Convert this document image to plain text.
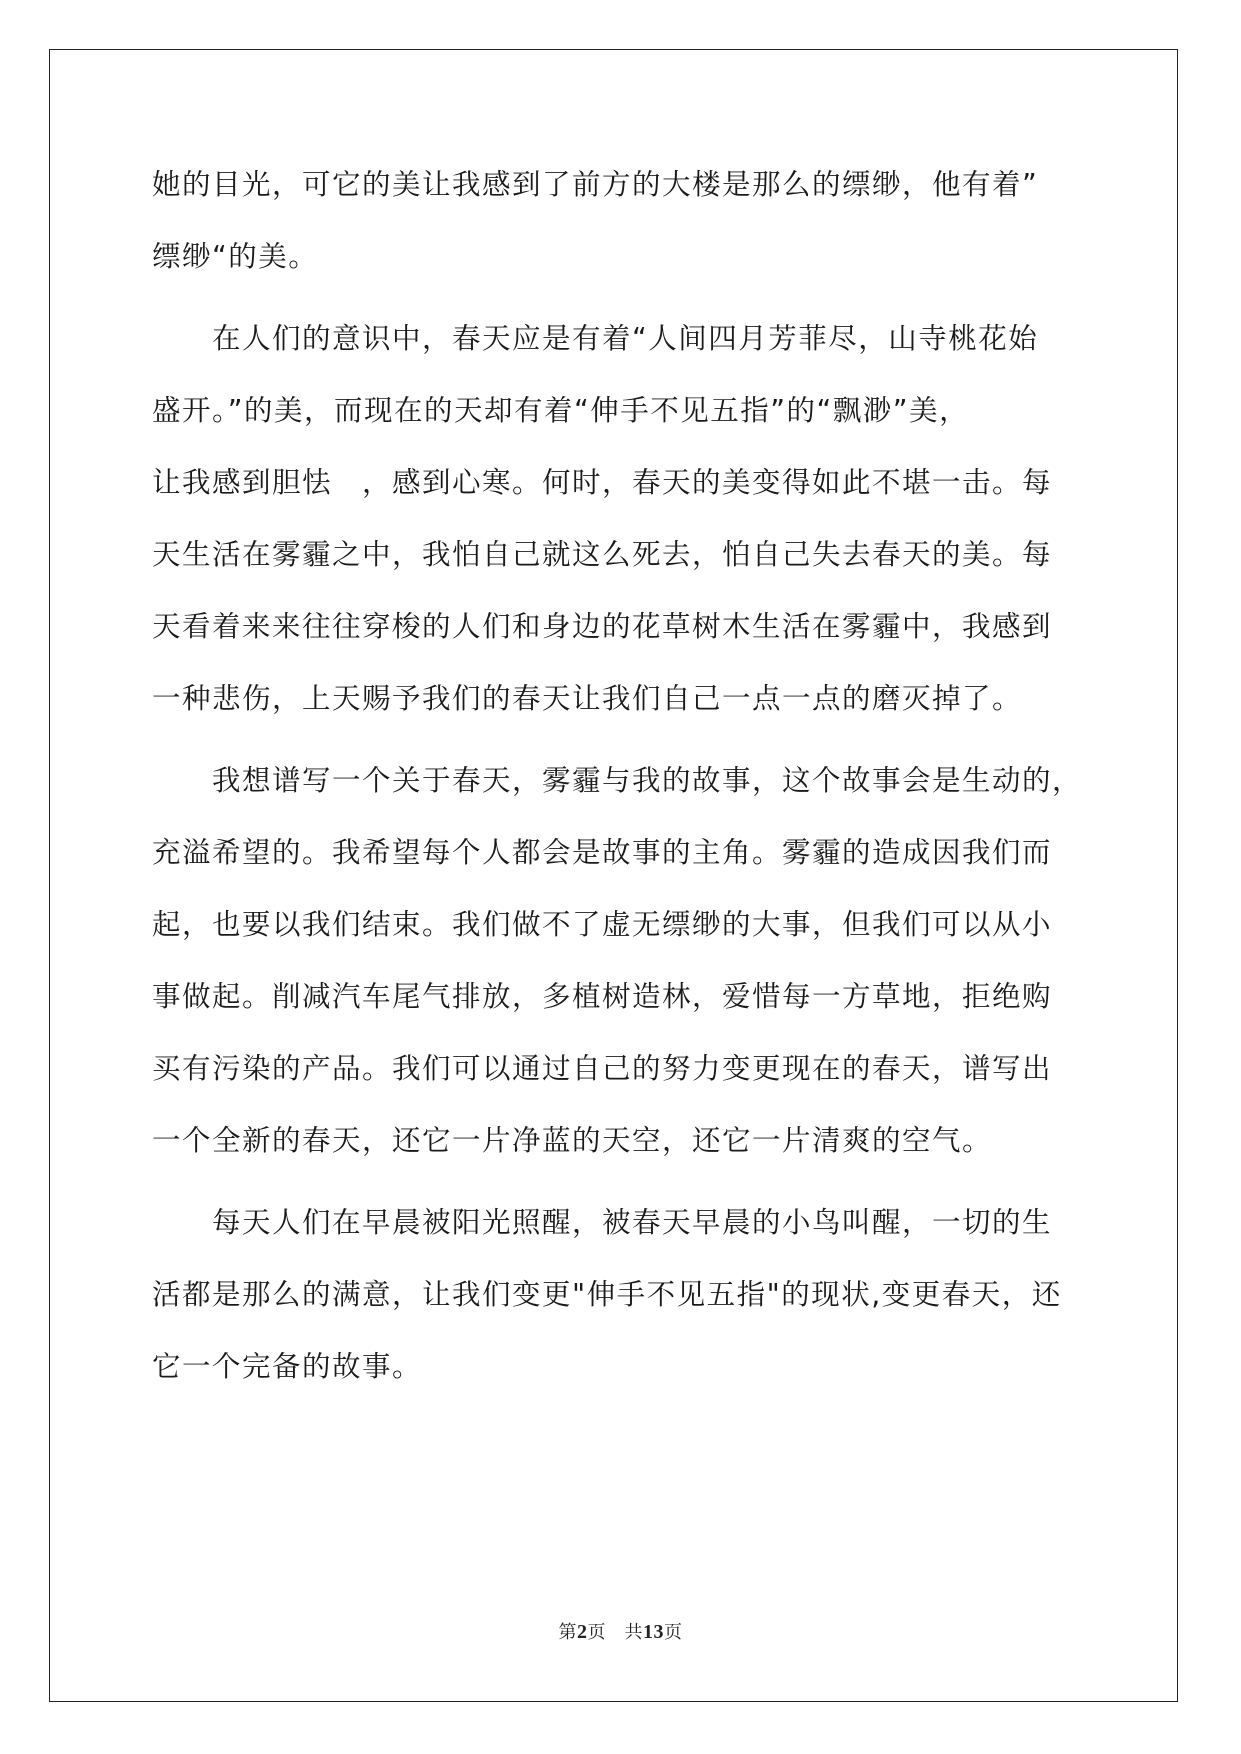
她的目光，可它的美让我感到了前方的大楼是那么的缥缈，他有着”
缥缈“的美。
　　在人们的意识中，春天应是有着“人间四月芳菲尽，山寺桃花始
盛开。”的美，而现在的天却有着“伸手不见五指”的“飘渺”美，
让我感到胆怯　，感到心寒。何时，春天的美变得如此不堪一击。每
天生活在雾霾之中，我怕自己就这么死去，怕自己失去春天的美。每
天看着来来往往穿梭的人们和身边的花草树木生活在雾霾中，我感到
一种悲伤，上天赐予我们的春天让我们自己一点一点的磨灭掉了。
　　我想谱写一个关于春天，雾霾与我的故事，这个故事会是生动的，
充溢希望的。我希望每个人都会是故事的主角。雾霾的造成因我们而
起，也要以我们结束。我们做不了虚无缥缈的大事，但我们可以从小
事做起。削减汽车尾气排放，多植树造林，爱惜每一方草地，拒绝购
买有污染的产品。我们可以通过自己的努力变更现在的春天，谱写出
一个全新的春天，还它一片净蓝的天空，还它一片清爽的空气。
　　每天人们在早晨被阳光照醒，被春天早晨的小鸟叫醒，一切的生
活都是那么的满意，让我们变更"伸手不见五指"的现状,变更春天，还
它一个完备的故事。
第2页　共13页
